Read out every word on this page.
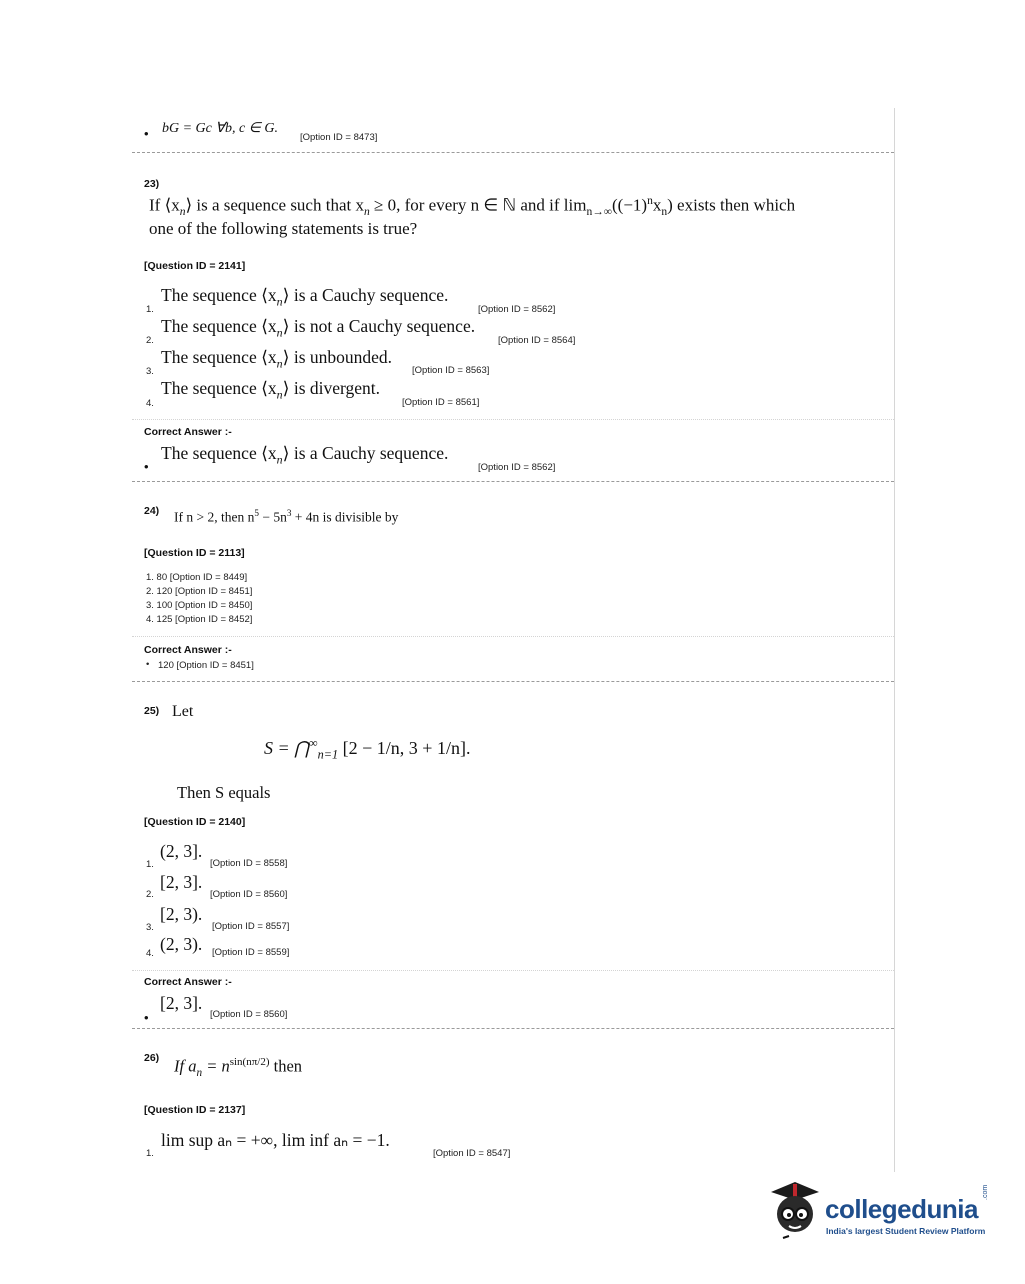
• bG = Gc ∀b, c ∈ G.
[Option ID = 8473]
23)
If $⟨x_n⟩$ is a sequence such that $x_n \ge 0$, for every n ∈ ℕ and if $\lim_{n\to\infty}((-1)^nx_n)$ exists then which
one of the following statements is true?
[Question ID = 2141]
1.
The sequence $⟨x_n⟩$ is a Cauchy sequence.
[Option ID = 8562]
2.
The sequence $⟨x_n⟩$ is not a Cauchy sequence.
[Option ID = 8564]
3.
The sequence $⟨x_n⟩$ is unbounded.
[Option ID = 8563]
4.
The sequence $⟨x_n⟩$ is divergent.
[Option ID = 8561]
Correct Answer :-
•
The sequence $⟨x_n⟩$ is a Cauchy sequence.
[Option ID = 8562]
24) If n > 2, then $n^5 - 5n^3 + 4n$ is divisible by
[Question ID = 2113]
1. 80 [Option ID = 8449]
2. 120 [Option ID = 8451]
3. 100 [Option ID = 8450]
4. 125 [Option ID = 8452]
Correct Answer :-
• 120 [Option ID = 8451]
25) Let
$S = ⋂^\infty_{n=1}$ [2 − 1/n, 3 + 1/n].
Then S equals
[Question ID = 2140]
1.
(2, 3].
[Option ID = 8558]
2.
[2, 3].
[Option ID = 8560]
3.
[2, 3).
[Option ID = 8557]
4. (2, 3). [Option ID = 8559]
Correct Answer :-
•
[2, 3].
[Option ID = 8560]
26) If $a_n = n^{sin(n\pi/2)}$ then
[Question ID = 2137]
1.
lim sup aₙ = +∞, lim inf aₙ = −1.
[Option ID = 8547]
collegedunia
.com
India's largest Student Review Platform
